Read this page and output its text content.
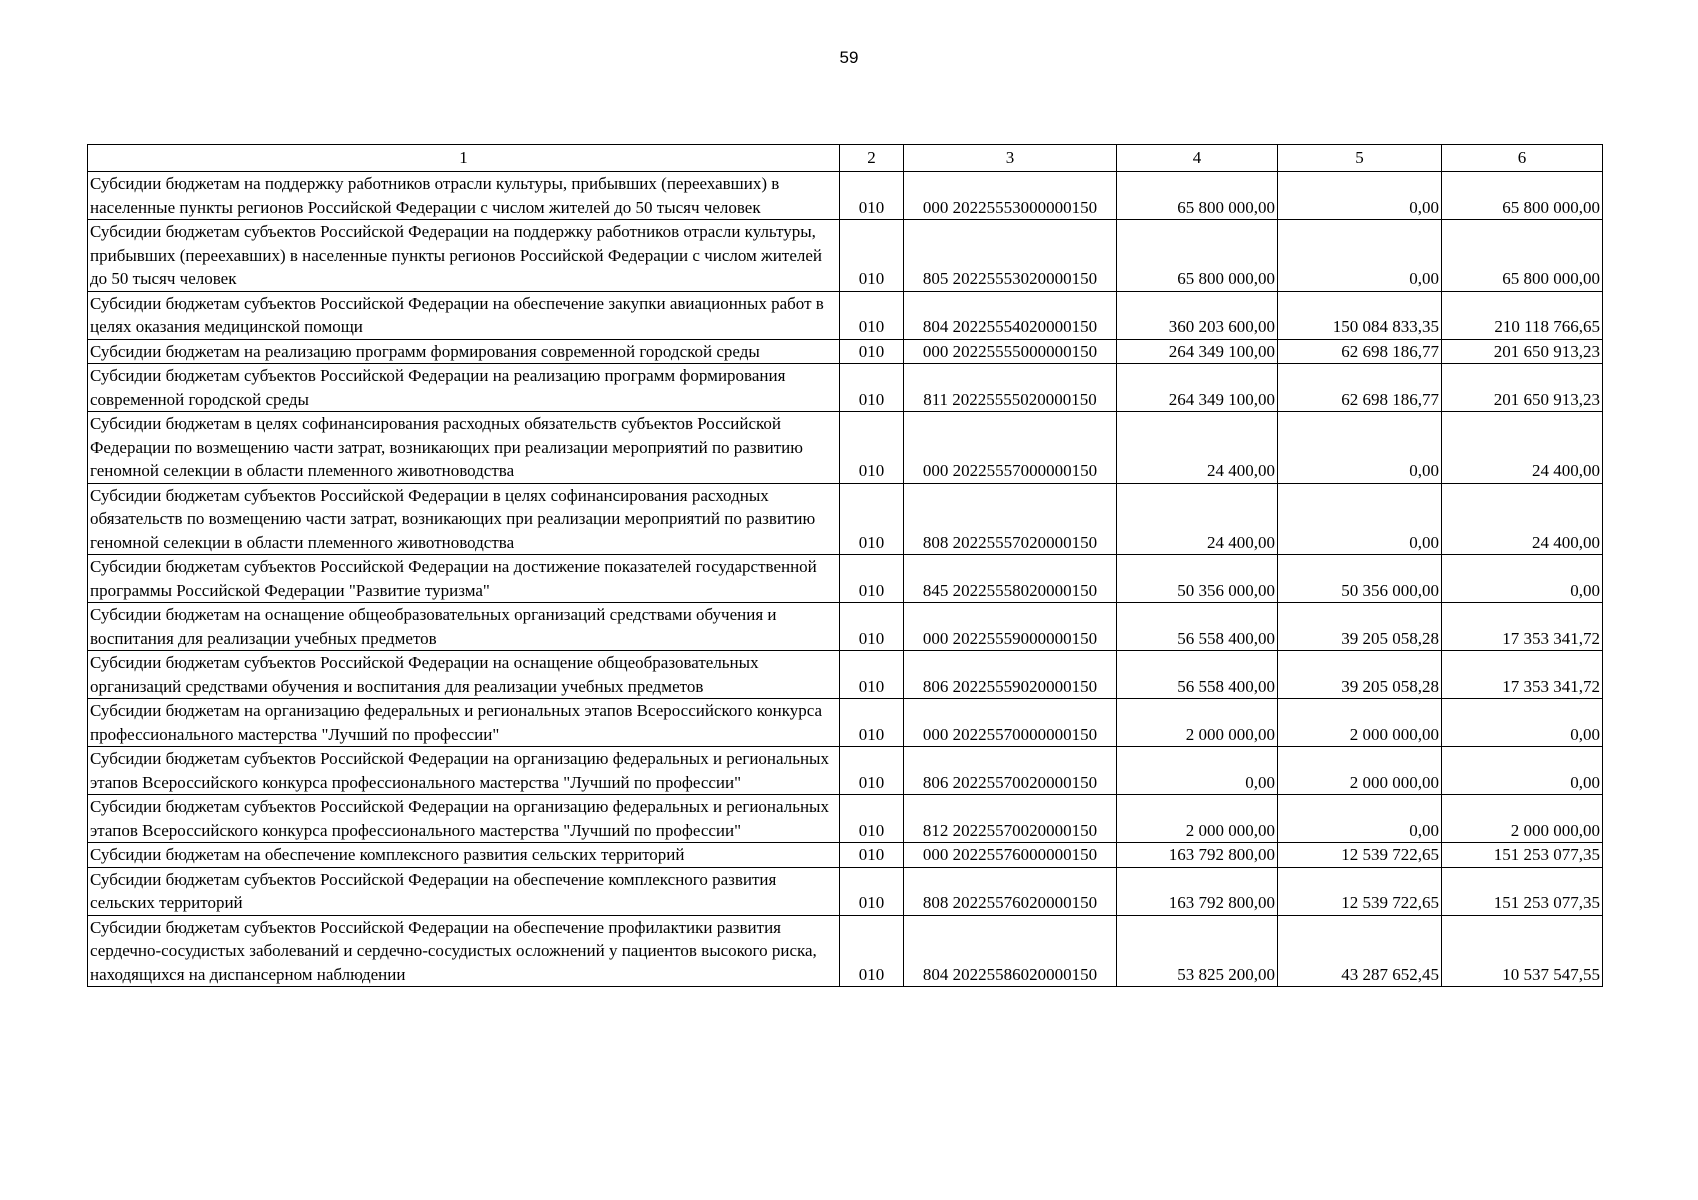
59
1	2	3	4	5	6
Субсидии бюджетам на поддержку работников отрасли культуры, прибывших (переехавших) в населенные пункты регионов Российской Федерации с числом жителей до 50 тысяч человек	010	000 20225553000000150	65 800 000,00	0,00	65 800 000,00
Субсидии бюджетам субъектов Российской Федерации на поддержку работников отрасли культуры, прибывших (переехавших) в населенные пункты регионов Российской Федерации с числом жителей до 50 тысяч человек	010	805 20225553020000150	65 800 000,00	0,00	65 800 000,00
Субсидии бюджетам субъектов Российской Федерации на обеспечение закупки авиационных работ в целях оказания медицинской помощи	010	804 20225554020000150	360 203 600,00	150 084 833,35	210 118 766,65
Субсидии бюджетам на реализацию программ формирования современной городской среды	010	000 20225555000000150	264 349 100,00	62 698 186,77	201 650 913,23
Субсидии бюджетам субъектов Российской Федерации на реализацию программ формирования современной городской среды	010	811 20225555020000150	264 349 100,00	62 698 186,77	201 650 913,23
Субсидии бюджетам в целях софинансирования расходных обязательств субъектов Российской Федерации по возмещению части затрат, возникающих при реализации мероприятий по развитию геномной селекции в области племенного животноводства	010	000 20225557000000150	24 400,00	0,00	24 400,00
Субсидии бюджетам субъектов Российской Федерации в целях софинансирования расходных обязательств по возмещению части затрат, возникающих при реализации мероприятий по развитию геномной селекции в области племенного животноводства	010	808 20225557020000150	24 400,00	0,00	24 400,00
Субсидии бюджетам субъектов Российской Федерации на достижение показателей государственной программы Российской Федерации "Развитие туризма"	010	845 20225558020000150	50 356 000,00	50 356 000,00	0,00
Субсидии бюджетам на оснащение общеобразовательных организаций средствами обучения и воспитания для реализации учебных предметов	010	000 20225559000000150	56 558 400,00	39 205 058,28	17 353 341,72
Субсидии бюджетам субъектов Российской Федерации на оснащение общеобразовательных организаций средствами обучения и воспитания для реализации учебных предметов	010	806 20225559020000150	56 558 400,00	39 205 058,28	17 353 341,72
Субсидии бюджетам на организацию федеральных и региональных этапов Всероссийского конкурса профессионального мастерства "Лучший по профессии"	010	000 20225570000000150	2 000 000,00	2 000 000,00	0,00
Субсидии бюджетам субъектов Российской Федерации на организацию федеральных и региональных этапов Всероссийского конкурса профессионального мастерства "Лучший по профессии"	010	806 20225570020000150	0,00	2 000 000,00	0,00
Субсидии бюджетам субъектов Российской Федерации на организацию федеральных и региональных этапов Всероссийского конкурса профессионального мастерства "Лучший по профессии"	010	812 20225570020000150	2 000 000,00	0,00	2 000 000,00
Субсидии бюджетам на обеспечение комплексного развития сельских территорий	010	000 20225576000000150	163 792 800,00	12 539 722,65	151 253 077,35
Субсидии бюджетам субъектов Российской Федерации на обеспечение комплексного развития сельских территорий	010	808 20225576020000150	163 792 800,00	12 539 722,65	151 253 077,35
Субсидии бюджетам субъектов Российской Федерации на обеспечение профилактики развития сердечно-сосудистых заболеваний и сердечно-сосудистых осложнений у пациентов высокого риска, находящихся на диспансерном наблюдении	010	804 20225586020000150	53 825 200,00	43 287 652,45	10 537 547,55
